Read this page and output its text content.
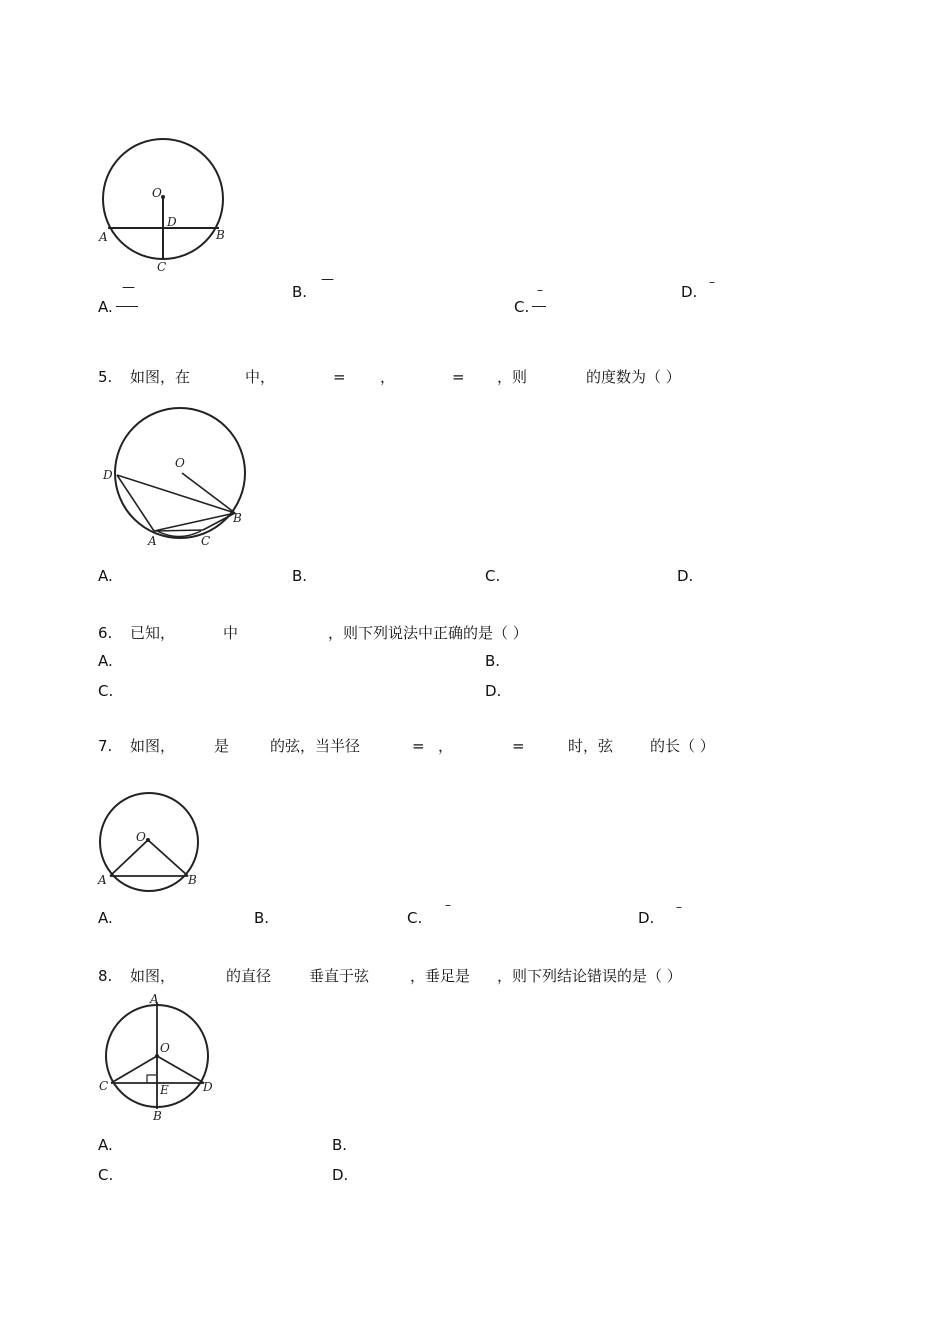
O
D
A	B
C
A.
—	B.
—
C.
–	D.
–
5. 如图，在	中，	= ，	= ，则	的度数为（ ）
O
D
B
A	C
A.	B.	C.	D.
6. 已知，	中	，则下列说法中正确的是（ ）
A.	B.
C.	D.
7. 如图，	是	的弦，当半径	= ，	=	时，弦 的长（ ）
O
A	B
A.	B.	C.
–
D.
–
8. 如图，	的直径	垂直于弦	，垂足是 ，则下列结论错误的是（ ）
A
O
C	E	D
B
A.	B.
C.	D.
